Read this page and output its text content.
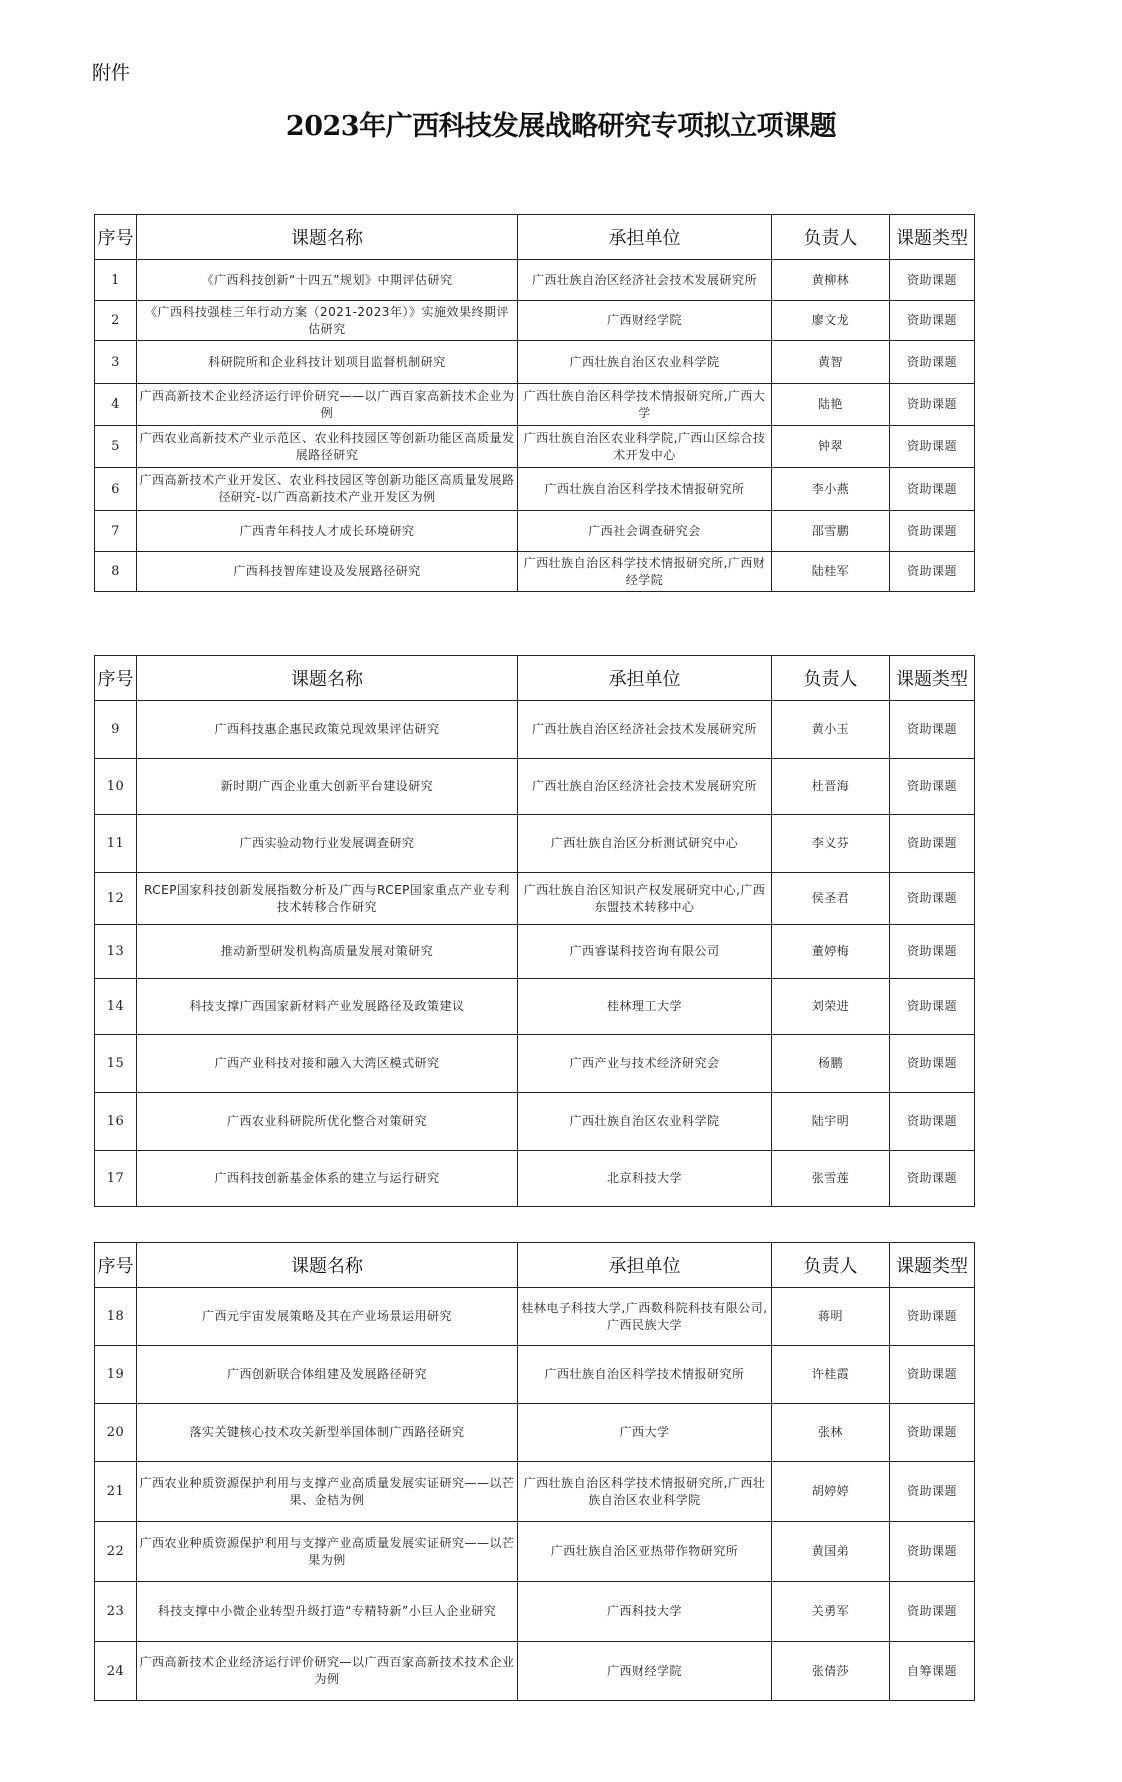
附件
2023年广西科技发展战略研究专项拟立项课题
序号	课题名称	承担单位	负责人	课题类型
1	《广西科技创新“十四五”规划》中期评估研究	广西壮族自治区经济社会技术发展研究所	黄柳林	资助课题
2	《广西科技强桂三年行动方案（2021-2023年）》实施效果终期评估研究	广西财经学院	廖文龙	资助课题
3	科研院所和企业科技计划项目监督机制研究	广西壮族自治区农业科学院	黄智	资助课题
4	广西高新技术企业经济运行评价研究——以广西百家高新技术企业为例	广西壮族自治区科学技术情报研究所,广西大学	陆艳	资助课题
5	广西农业高新技术产业示范区、农业科技园区等创新功能区高质量发展路径研究	广西壮族自治区农业科学院,广西山区综合技术开发中心	钟翠	资助课题
6	广西高新技术产业开发区、农业科技园区等创新功能区高质量发展路径研究-以广西高新技术产业开发区为例	广西壮族自治区科学技术情报研究所	李小燕	资助课题
7	广西青年科技人才成长环境研究	广西社会调查研究会	邵雪鹏	资助课题
8	广西科技智库建设及发展路径研究	广西壮族自治区科学技术情报研究所,广西财经学院	陆桂军	资助课题
序号	课题名称	承担单位	负责人	课题类型
9	广西科技惠企惠民政策兑现效果评估研究	广西壮族自治区经济社会技术发展研究所	黄小玉	资助课题
10	新时期广西企业重大创新平台建设研究	广西壮族自治区经济社会技术发展研究所	杜晋海	资助课题
11	广西实验动物行业发展调查研究	广西壮族自治区分析测试研究中心	李义芬	资助课题
12	RCEP国家科技创新发展指数分析及广西与RCEP国家重点产业专利技术转移合作研究	广西壮族自治区知识产权发展研究中心,广西东盟技术转移中心	侯圣君	资助课题
13	推动新型研发机构高质量发展对策研究	广西睿谋科技咨询有限公司	董婷梅	资助课题
14	科技支撑广西国家新材料产业发展路径及政策建议	桂林理工大学	刘荣进	资助课题
15	广西产业科技对接和融入大湾区模式研究	广西产业与技术经济研究会	杨鹏	资助课题
16	广西农业科研院所优化整合对策研究	广西壮族自治区农业科学院	陆宇明	资助课题
17	广西科技创新基金体系的建立与运行研究	北京科技大学	张雪莲	资助课题
序号	课题名称	承担单位	负责人	课题类型
18	广西元宇宙发展策略及其在产业场景运用研究	桂林电子科技大学,广西数科院科技有限公司,广西民族大学	蒋明	资助课题
19	广西创新联合体组建及发展路径研究	广西壮族自治区科学技术情报研究所	许桂霞	资助课题
20	落实关键核心技术攻关新型举国体制广西路径研究	广西大学	张林	资助课题
21	广西农业种质资源保护利用与支撑产业高质量发展实证研究——以芒果、金桔为例	广西壮族自治区科学技术情报研究所,广西壮族自治区农业科学院	胡婷婷	资助课题
22	广西农业种质资源保护利用与支撑产业高质量发展实证研究——以芒果为例	广西壮族自治区亚热带作物研究所	黄国弟	资助课题
23	科技支撑中小微企业转型升级打造“专精特新”小巨人企业研究	广西科技大学	关勇军	资助课题
24	广西高新技术企业经济运行评价研究—以广西百家高新技术技术企业为例	广西财经学院	张倩莎	自筹课题
